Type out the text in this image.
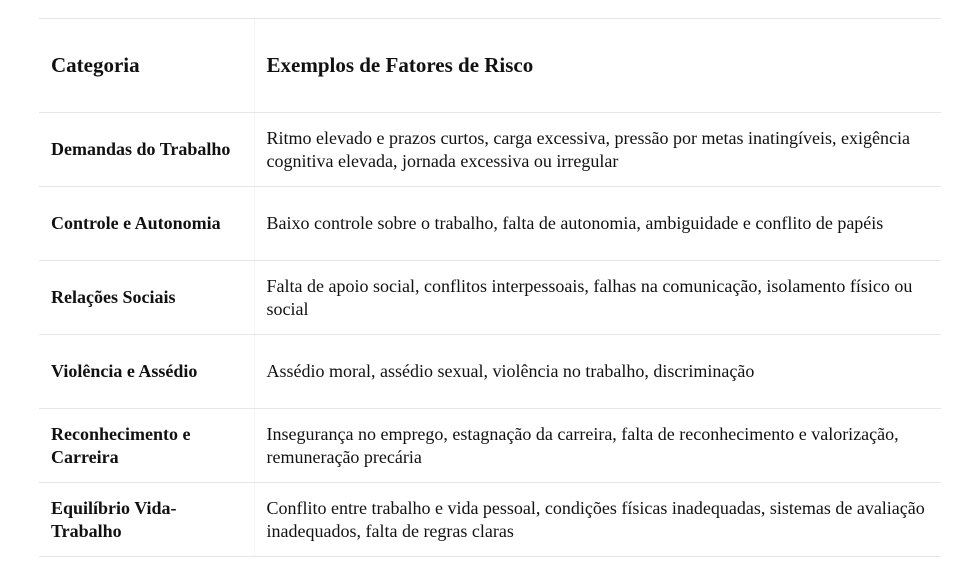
Categoria	Exemplos de Fatores de Risco
Demandas do Trabalho	Ritmo elevado e prazos curtos, carga excessiva, pressão por metas inatingíveis, exigência cognitiva elevada, jornada excessiva ou irregular
Controle e Autonomia	Baixo controle sobre o trabalho, falta de autonomia, ambiguidade e conflito de papéis
Relações Sociais	Falta de apoio social, conflitos interpessoais, falhas na comunicação, isolamento físico ou social
Violência e Assédio	Assédio moral, assédio sexual, violência no trabalho, discriminação
Reconhecimento e Carreira	Insegurança no emprego, estagnação da carreira, falta de reconhecimento e valorização, remuneração precária
Equilíbrio Vida-Trabalho	Conflito entre trabalho e vida pessoal, condições físicas inadequadas, sistemas de avaliação inadequados, falta de regras claras
